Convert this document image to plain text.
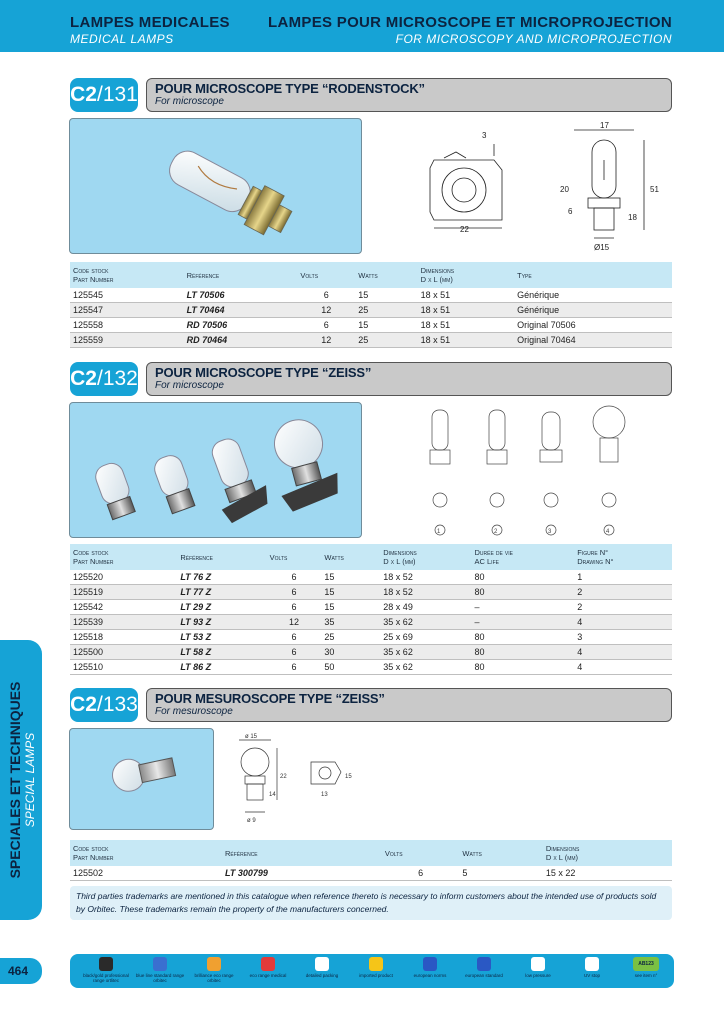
LAMPES MEDICALES
MEDICAL LAMPS
LAMPES POUR MICROSCOPE ET MICROPROJECTION
FOR MICROSCOPY AND MICROPROJECTION
SPECIALES ET TECHNIQUES SPECIAL LAMPS
C2/131 POUR MICROSCOPE TYPE “RODENSTOCK”
For microscope
22
3
17
51
20
6
18
Ø15
Code stock
Part Number	Référence	Volts	Watts	Dimensions
D x L (mm)	Type
125545	LT 70506	6	15	18 x 51	Générique
125547	LT 70464	12	25	18 x 51	Générique
125558	RD 70506	6	15	18 x 51	Original 70506
125559	RD 70464	12	25	18 x 51	Original 70464
C2/132 POUR MICROSCOPE TYPE “ZEISS”
For microscope
1	2	3	4
Code stock
Part Number	Référence	Volts	Watts	Dimensions
D x L (mm)	Durée de vie
AC Life	Figure N°
Drawing N°
125520	LT 76 Z	6	15	18 x 52	80	1
125519	LT 77 Z	6	15	18 x 52	80	2
125542	LT 29 Z	6	15	28 x 49	–	2
125539	LT 93 Z	12	35	35 x 62	–	4
125518	LT 53 Z	6	25	25 x 69	80	3
125500	LT 58 Z	6	30	35 x 62	80	4
125510	LT 86 Z	6	50	35 x 62	80	4
C2/133 POUR MESUROSCOPE TYPE “ZEISS”
For mesuroscope
ø 15
22
14
ø 9
15
13
Code stock
Part Number	Référence	Volts	Watts	Dimensions
D x L (mm)
125502	LT 300799	6	5	15 x 22
Third parties trademarks are mentioned in this catalogue when reference thereto is necessary to inform customers about the intended use of products sold by Orbitec. These trademarks remain the property of the manufacturers concerned.
464	black/gold professional range ortlitec
blue line standard range orbitec
brilliance eco range orbitec
eco range medical	detailed packing	imported product	european norms	european standard	low pressure	UV stop
AB123
see item n°
